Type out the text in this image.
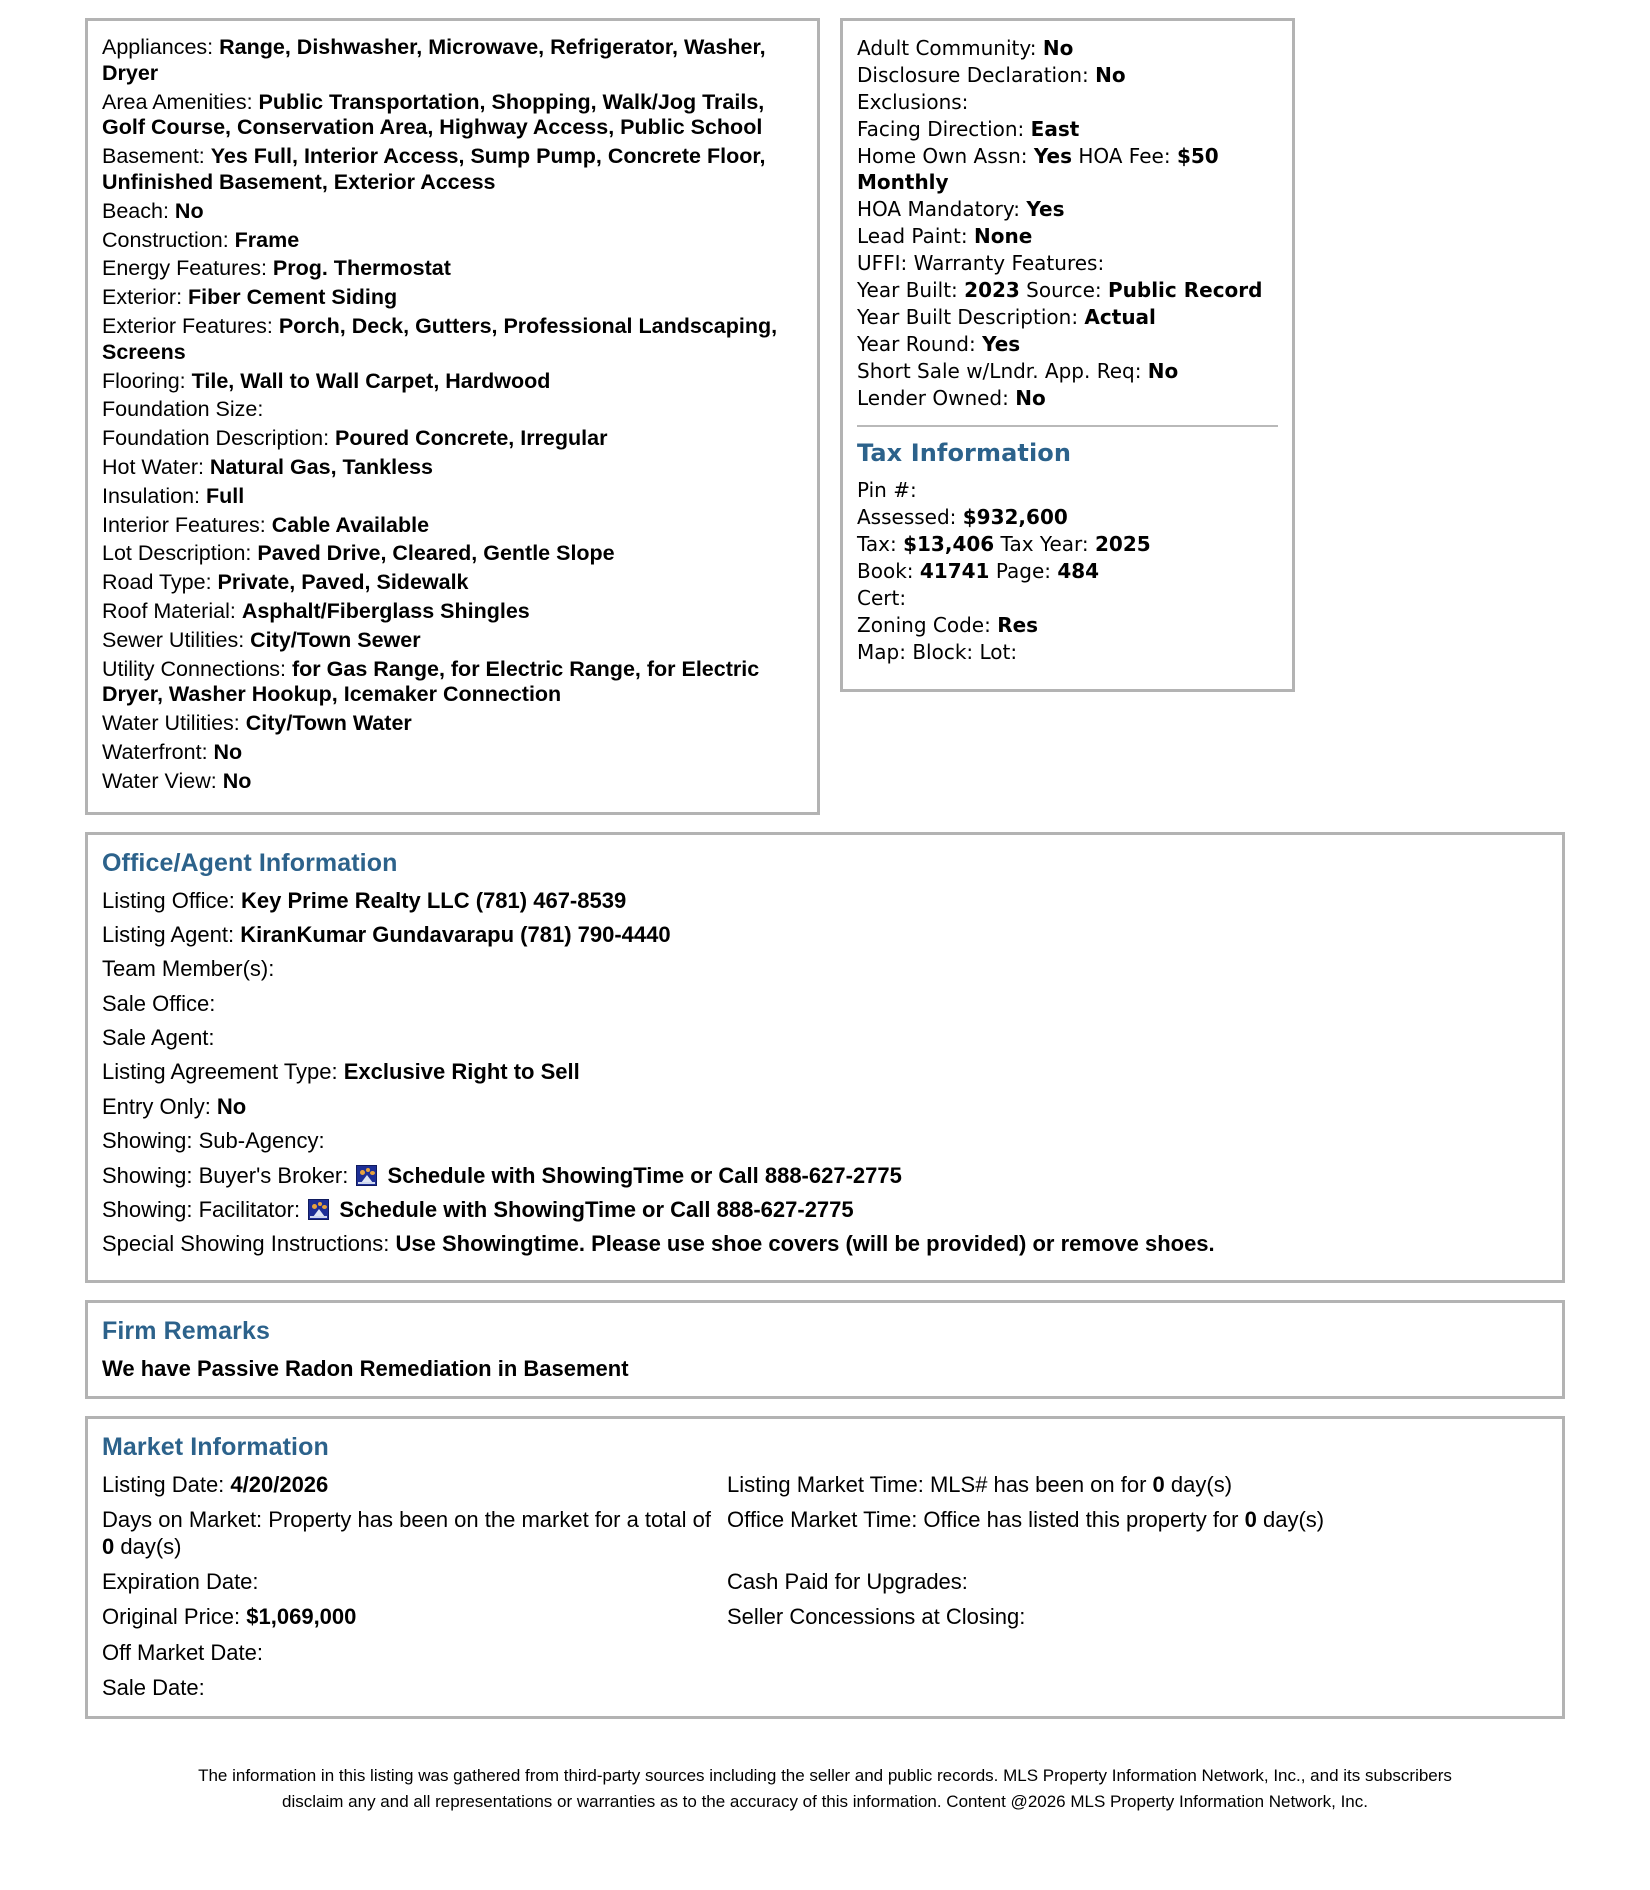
Appliances: Range, Dishwasher, Microwave, Refrigerator, Washer, Dryer
Area Amenities: Public Transportation, Shopping, Walk/Jog Trails, Golf Course, Conservation Area, Highway Access, Public School
Basement: Yes Full, Interior Access, Sump Pump, Concrete Floor, Unfinished Basement, Exterior Access
Beach: No
Construction: Frame
Energy Features: Prog. Thermostat
Exterior: Fiber Cement Siding
Exterior Features: Porch, Deck, Gutters, Professional Landscaping, Screens
Flooring: Tile, Wall to Wall Carpet, Hardwood
Foundation Size:
Foundation Description: Poured Concrete, Irregular
Hot Water: Natural Gas, Tankless
Insulation: Full
Interior Features: Cable Available
Lot Description: Paved Drive, Cleared, Gentle Slope
Road Type: Private, Paved, Sidewalk
Roof Material: Asphalt/Fiberglass Shingles
Sewer Utilities: City/Town Sewer
Utility Connections: for Gas Range, for Electric Range, for Electric Dryer, Washer Hookup, Icemaker Connection
Water Utilities: City/Town Water
Waterfront: No
Water View: No
Adult Community: No
Disclosure Declaration: No
Exclusions:
Facing Direction: East
Home Own Assn: Yes HOA Fee: $50 Monthly
HOA Mandatory: Yes
Lead Paint: None
UFFI: Warranty Features:
Year Built: 2023 Source: Public Record
Year Built Description: Actual
Year Round: Yes
Short Sale w/Lndr. App. Req: No
Lender Owned: No
Tax Information
Pin #:
Assessed: $932,600
Tax: $13,406 Tax Year: 2025
Book: 41741 Page: 484
Cert:
Zoning Code: Res
Map: Block: Lot:
Office/Agent Information
Listing Office: Key Prime Realty LLC (781) 467-8539
Listing Agent: KiranKumar Gundavarapu (781) 790-4440
Team Member(s):
Sale Office:
Sale Agent:
Listing Agreement Type: Exclusive Right to Sell
Entry Only: No
Showing: Sub-Agency:
Showing: Buyer's Broker:
Schedule with ShowingTime or Call 888-627-2775
Showing: Facilitator:
Schedule with ShowingTime or Call 888-627-2775
Special Showing Instructions: Use Showingtime. Please use shoe covers (will be provided) or remove shoes.
Firm Remarks
We have Passive Radon Remediation in Basement
Market Information
Listing Date: 4/20/2026	Listing Market Time: MLS# has been on for 0 day(s)
Days on Market: Property has been on the market for a total of 0 day(s)
Office Market Time: Office has listed this property for 0 day(s)
Expiration Date:	Cash Paid for Upgrades:
Original Price: $1,069,000	Seller Concessions at Closing:
Off Market Date:
Sale Date:
The information in this listing was gathered from third-party sources including the seller and public records. MLS Property Information Network, Inc., and its subscribers
disclaim any and all representations or warranties as to the accuracy of this information. Content @2026 MLS Property Information Network, Inc.
